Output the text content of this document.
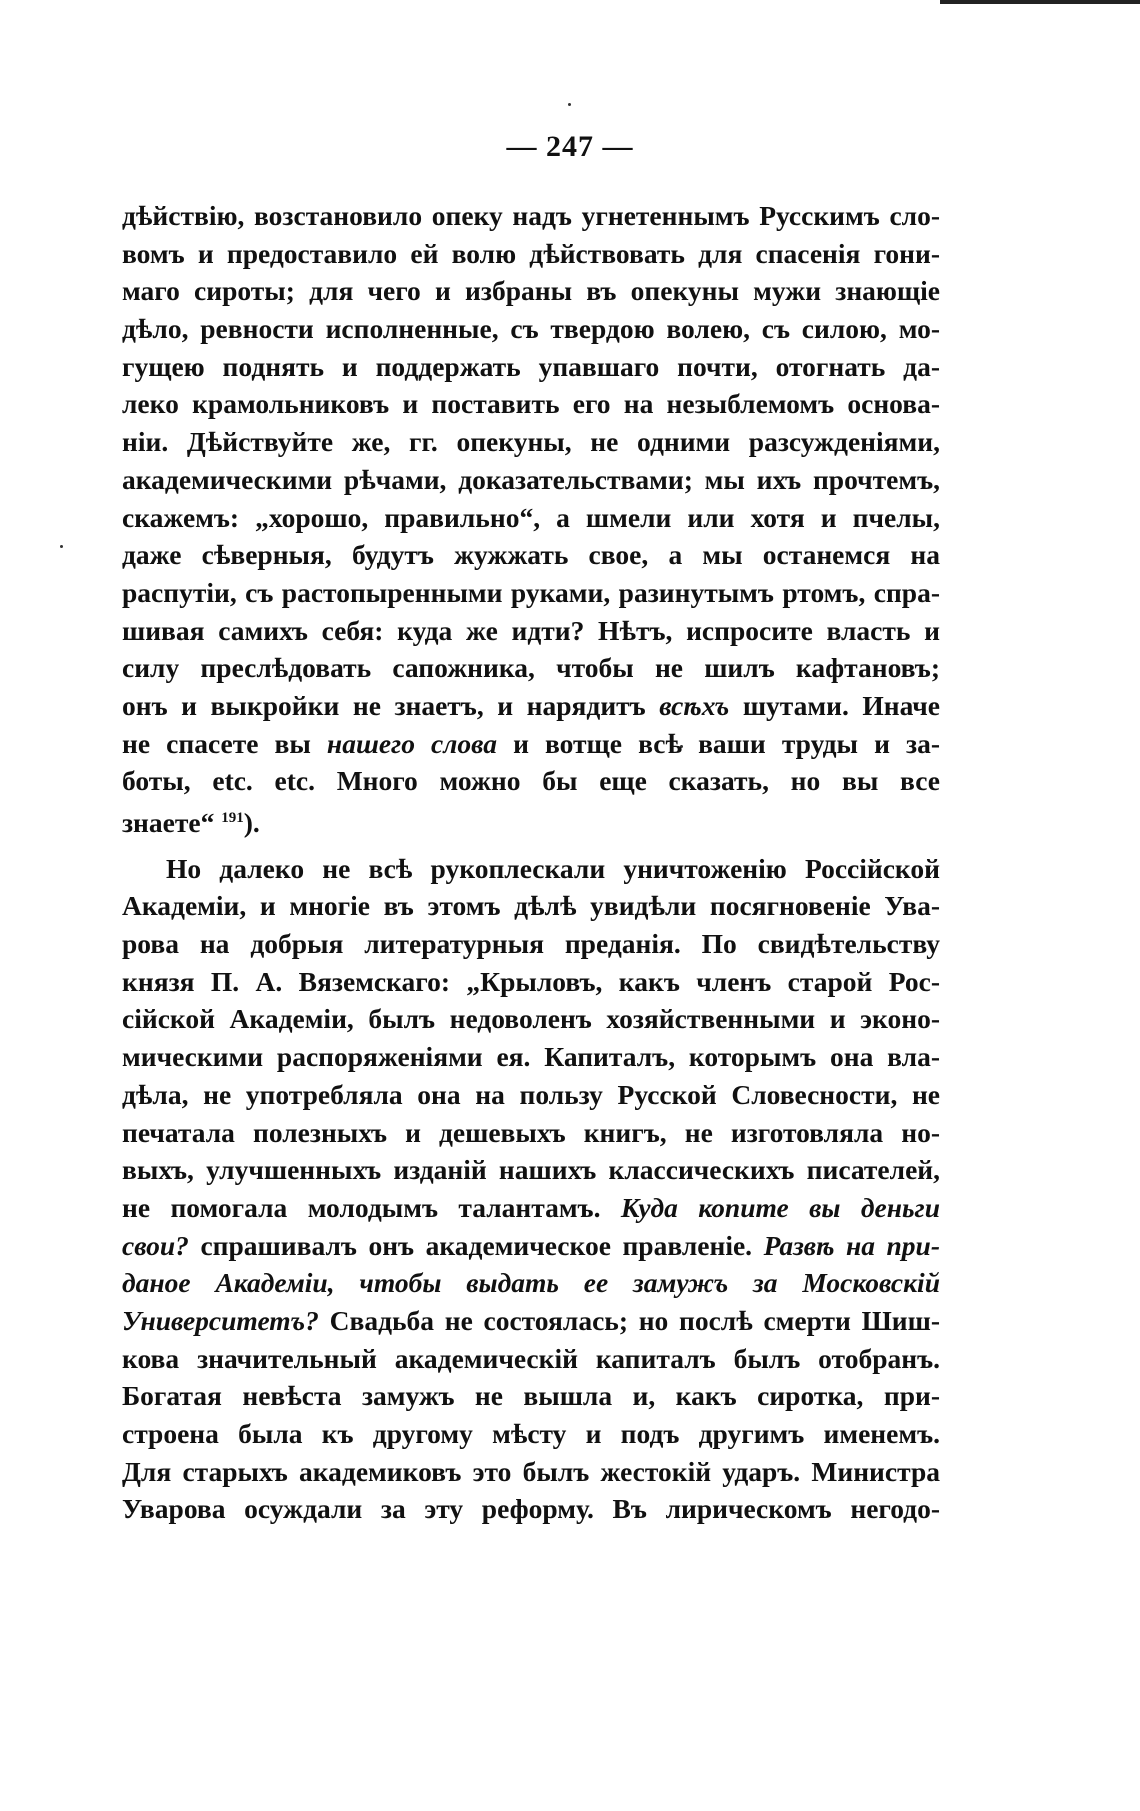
— 247 —
дѣйствію, возстановило опеку надъ угнетеннымъ Русскимъ сло-
вомъ и предоставило ей волю дѣйствовать для спасенія гони-
маго сироты; для чего и избраны въ опекуны мужи знающіе
дѣло, ревности исполненные, съ твердою волею, съ силою, мо-
гущею поднять и поддержать упавшаго почти, отогнать да-
леко крамольниковъ и поставить его на незыблемомъ основа-
ніи. Дѣйствуйте же, гг. опекуны, не одними разсужденіями,
академическими рѣчами, доказательствами; мы ихъ прочтемъ,
скажемъ: „хорошо, правильно“, а шмели или хотя и пчелы,
даже сѣверныя, будутъ жужжать свое, а мы останемся на
распутіи, съ растопыренными руками, разинутымъ ртомъ, спра-
шивая самихъ себя: куда же идти? Нѣтъ, испросите власть и
силу преслѣдовать сапожника, чтобы не шилъ кафтановъ;
онъ и выкройки не знаетъ, и нарядитъ всѣхъ шутами. Иначе
не спасете вы нашего слова и вотще всѣ ваши труды и за-
боты, etc. etc. Много можно бы еще сказать, но вы все
знаете“ $^{191}$).
Но далеко не всѣ рукоплескали уничтоженію Россійской
Академіи, и многіе въ этомъ дѣлѣ увидѣли посягновеніе Ува-
рова на добрыя литературныя преданія. По свидѣтельству
князя П. А. Вяземскаго: „Крыловъ, какъ членъ старой Рос-
сійской Академіи, былъ недоволенъ хозяйственными и эконо-
мическими распоряженіями ея. Капиталъ, которымъ она вла-
дѣла, не употребляла она на пользу Русской Словесности, не
печатала полезныхъ и дешевыхъ книгъ, не изготовляла но-
выхъ, улучшенныхъ изданій нашихъ классическихъ писателей,
не помогала молодымъ талантамъ. Куда копите вы деньги
свои? спрашивалъ онъ академическое правленіе. Развѣ на при-
даное Академіи, чтобы выдать ее замужъ за Московскій
Университетъ? Свадьба не состоялась; но послѣ смерти Шиш-
кова значительный академическій капиталъ былъ отобранъ.
Богатая невѣста замужъ не вышла и, какъ сиротка, при-
строена была къ другому мѣсту и подъ другимъ именемъ.
Для старыхъ академиковъ это былъ жестокій ударъ. Министра
Уварова осуждали за эту реформу. Въ лирическомъ негодо-
